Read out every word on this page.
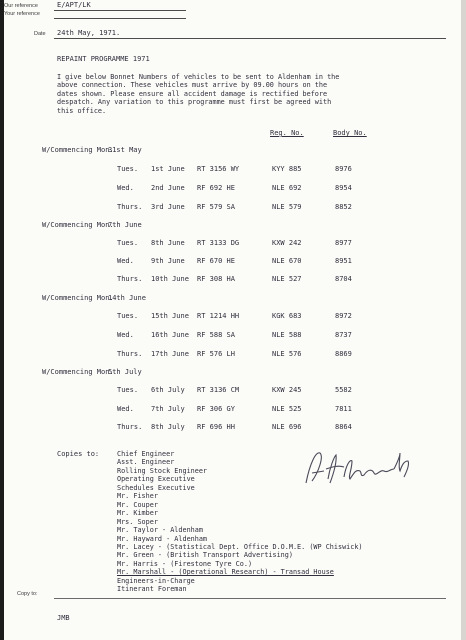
Our reference
Your reference
E/APT/LK
Date 24th May, 1971.
REPAINT PROGRAMME 1971
I give below Bonnet Numbers of vehicles to be sent to Aldenham in the
above connection. These vehicles must arrive by 09.00 hours on the
dates shown. Please ensure all accident damage is rectified before
despatch. Any variation to this programme must first be agreed with
this office.
Reg. No.	Body No.
W/Commencing Mon.
31st May
Tues. 1st June RT 3156 WY	KYY 885	8976
Wed. 2nd June RF 692 HE	NLE 692	8954
Thurs. 3rd June RF 579 SA	NLE 579	8852
W/Commencing Mon.
7th June
Tues. 8th June RT 3133 DG	KXW 242	8977
Wed. 9th June RF 670 HE	NLE 670	8951
Thurs. 10th June RF 308 HA	NLE 527	8704
W/Commencing Mon.
14th June
Tues. 15th June RT 1214 HH	KGK 683	8972
Wed. 16th June RF 588 SA	NLE 588	8737
Thurs. 17th June RF 576 LH	NLE 576	8869
W/Commencing Mon.
5th July
Tues. 6th July RT 3136 CM	KXW 245	5582
Wed. 7th July RF 306 GY	NLE 525	7811
Thurs. 8th July RF 696 HH	NLE 696	8864
Copies to:	Chief Engineer
Asst. Engineer
Rolling Stock Engineer
Operating Executive
Schedules Executive
Mr. Fisher
Mr. Couper
Mr. Kimber
Mrs. Soper
Mr. Taylor - Aldenham
Mr. Hayward - Aldenham
Mr. Lacey - (Statistical Dept. Office D.O.M.E. (WP Chiswick)
Mr. Green - (British Transport Advertising)
Mr. Harris - (Firestone Tyre Co.)
Mr. Marshall - (Operational Research) - Transad House
Engineers-in-Charge
Itinerant Foreman
Copy to:
JMB
